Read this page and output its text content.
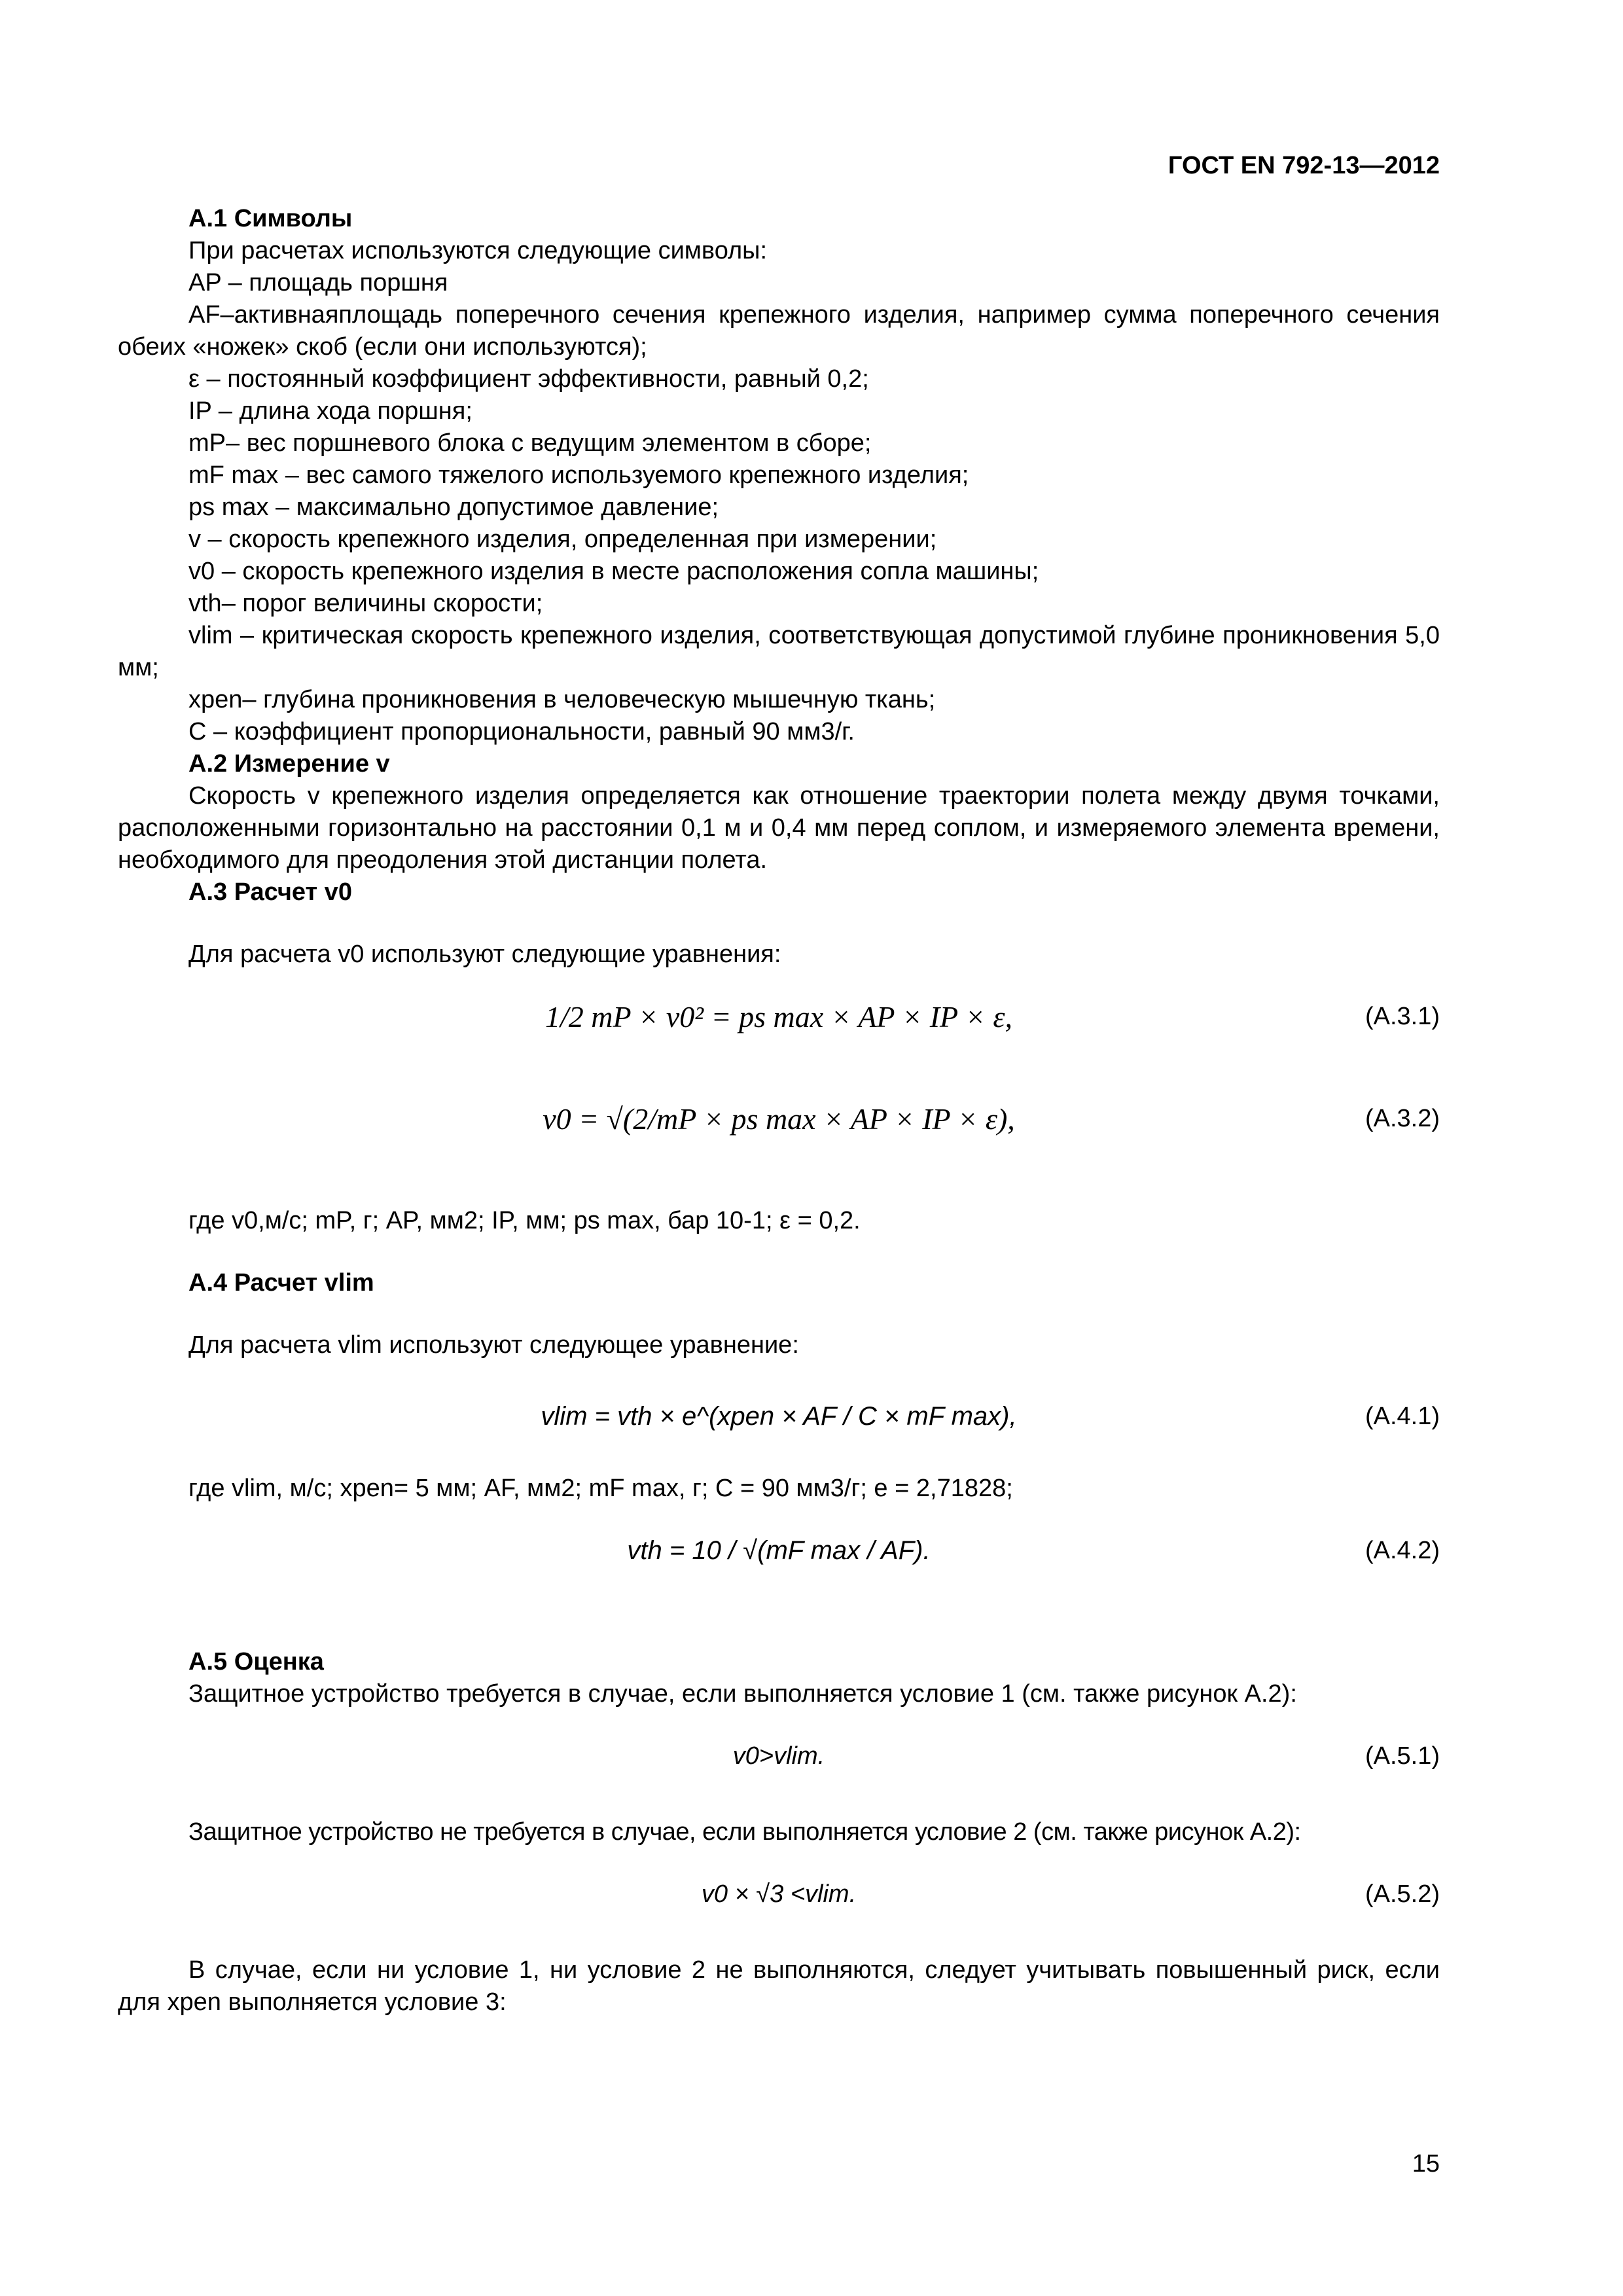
ГОСТ EN 792-13—2012

А.1 Символы

При расчетах используются следующие символы:

AP – площадь поршня

AF–активнаяплощадь поперечного сечения крепежного изделия, например сумма поперечного сечения обеих «ножек» скоб (если они используются);

ε – постоянный коэффициент эффективности, равный 0,2;

IP – длина хода поршня;

mP– вес поршневого блока с ведущим элементом в сборе;

mF max – вес самого тяжелого используемого крепежного изделия;

ps max – максимально допустимое давление;

v – скорость крепежного изделия, определенная при измерении;

v0 – скорость крепежного изделия в месте расположения сопла машины;

vth– порог величины скорости;

vlim – критическая скорость крепежного изделия, соответствующая допустимой глубине проникновения 5,0 мм;

xpen– глубина проникновения в человеческую мышечную ткань;

C – коэффициент пропорциональности, равный 90 мм3/г.

А.2 Измерение v

Скорость v крепежного изделия определяется как отношение траектории полета между двумя точками, расположенными горизонтально на расстоянии 0,1 м и 0,4 мм перед соплом, и измеряемого элемента времени, необходимого для преодоления этой дистанции полета.

А.3 Расчет v0

Для расчета v0 используют следующие уравнения:

1/2 mP × v0² = ps max × AP × IP × ε,	(A.3.1)
v0 = √(2/mP × ps max × AP × IP × ε),	(A.3.2)

где v0,м/с; mP, г; AP, мм2; IP, мм; ps max, бар 10-1; ε = 0,2.

А.4 Расчет vlim

Для расчета vlim используют следующее уравнение:

vlim = vth × e^(xpen × AF / C × mF max),	(A.4.1)

где vlim, м/с; xpen= 5 мм; AF, мм2; mF max, г; C = 90 мм3/г; e = 2,71828;

vth = 10 / √(mF max / AF).	(A.4.2)

А.5 Оценка

Защитное устройство требуется в случае, если выполняется условие 1 (см. также рисунок А.2):

v0>vlim.	(A.5.1)

Защитное устройство не требуется в случае, если выполняется условие 2 (см. также рисунок А.2):

v0 × √3 <vlim.	(A.5.2)

В случае, если ни условие 1, ни условие 2 не выполняются, следует учитывать повышенный риск, если для xpen выполняется условие 3:

15
